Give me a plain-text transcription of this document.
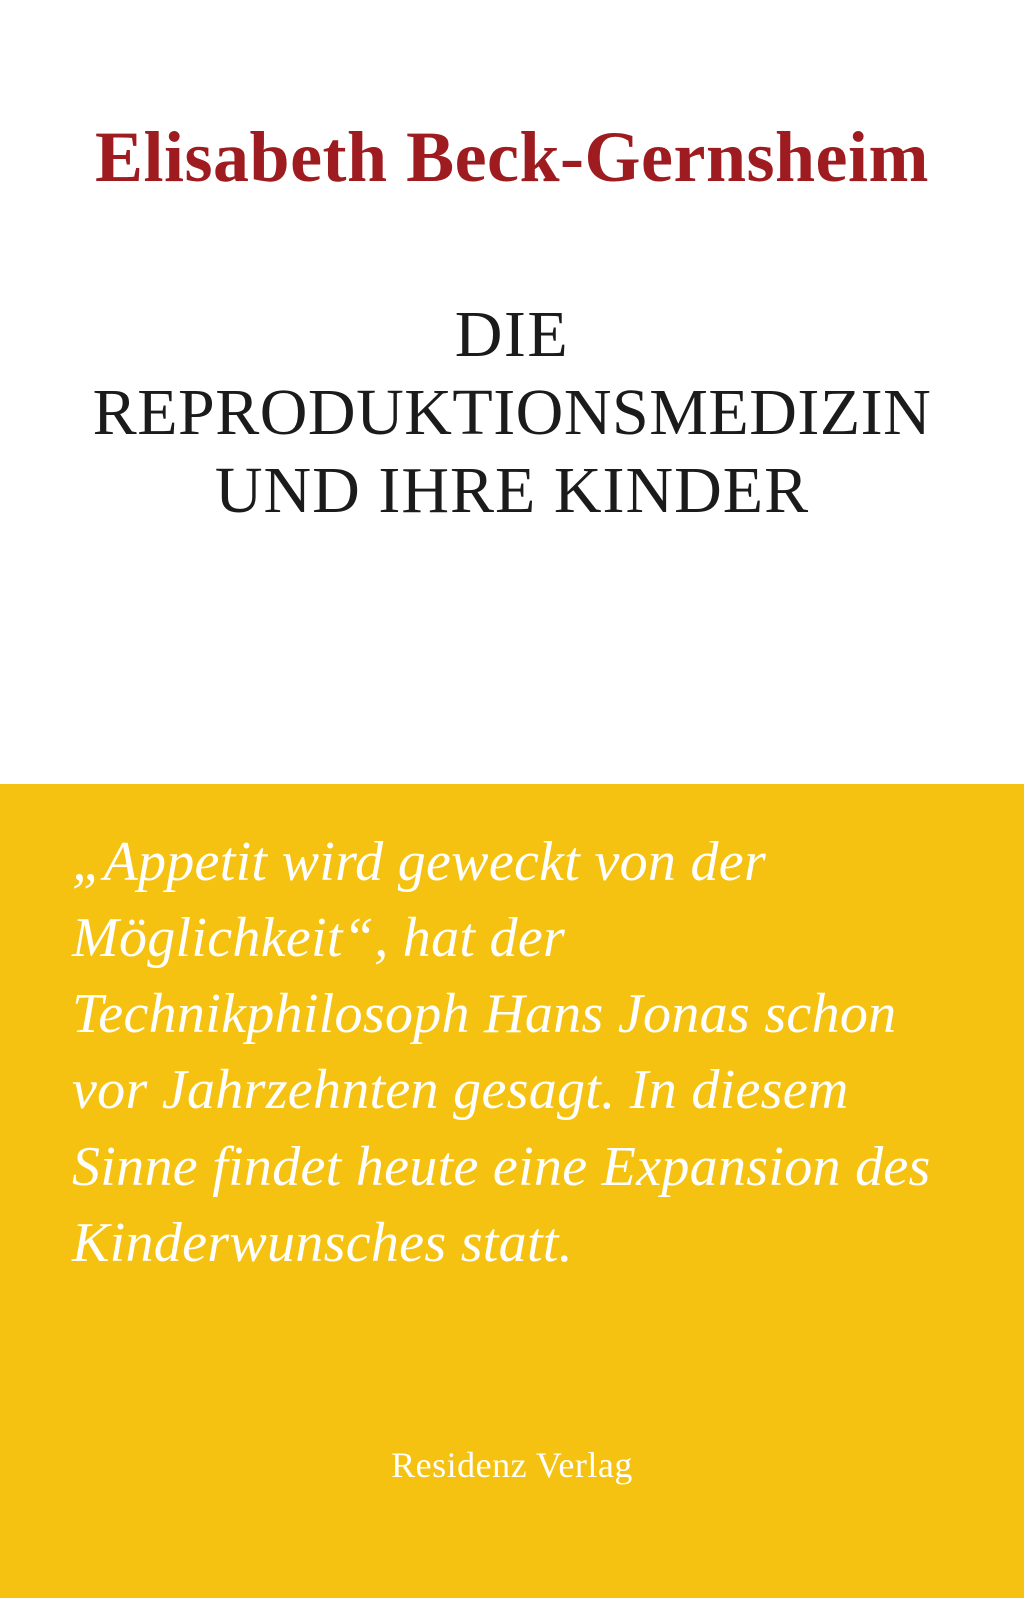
Elisabeth Beck-Gernsheim
DIE
REPRODUKTIONSMEDIZIN
UND IHRE KINDER
„Appetit wird geweckt von der Möglichkeit“, hat der Technikphilosoph Hans Jonas schon vor Jahrzehnten gesagt. In diesem Sinne findet heute eine Expansion des Kinderwunsches statt.
Residenz Verlag
